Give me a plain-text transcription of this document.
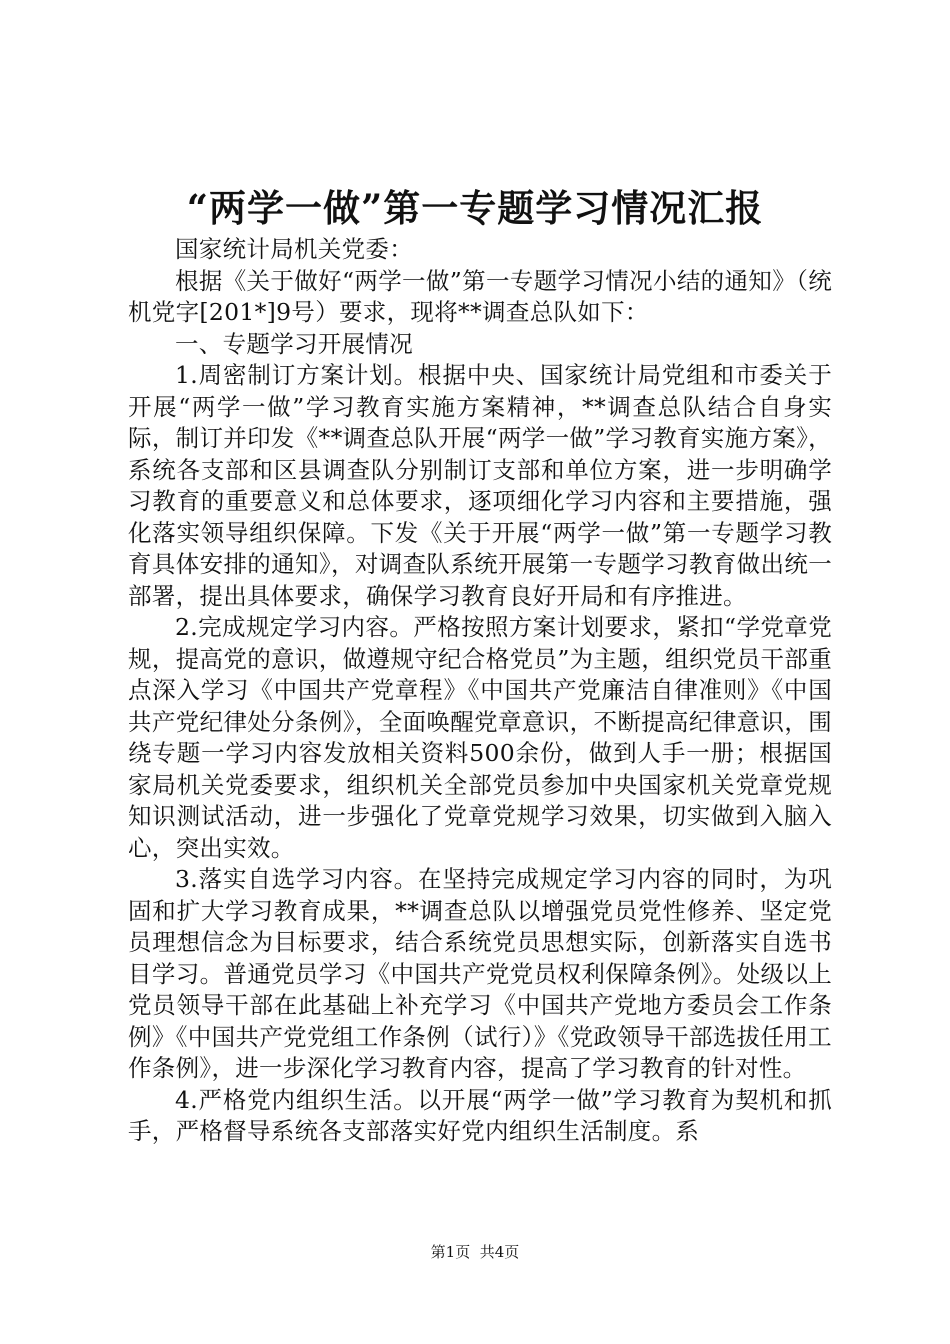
“两学一做”第一专题学习情况汇报

国家统计局机关党委：

根据《关于做好“两学一做”第一专题学习情况小结的通知》（统机党字[201*]9号）要求，现将**调查总队如下：

一、专题学习开展情况

1.周密制订方案计划。根据中央、国家统计局党组和市委关于开展“两学一做”学习教育实施方案精神，**调查总队结合自身实际，制订并印发《**调查总队开展“两学一做”学习教育实施方案》，系统各支部和区县调查队分别制订支部和单位方案，进一步明确学习教育的重要意义和总体要求，逐项细化学习内容和主要措施，强化落实领导组织保障。下发《关于开展“两学一做”第一专题学习教育具体安排的通知》，对调查队系统开展第一专题学习教育做出统一部署，提出具体要求，确保学习教育良好开局和有序推进。

2.完成规定学习内容。严格按照方案计划要求，紧扣“学党章党规，提高党的意识，做遵规守纪合格党员”为主题，组织党员干部重点深入学习《中国共产党章程》《中国共产党廉洁自律准则》《中国共产党纪律处分条例》，全面唤醒党章意识，不断提高纪律意识，围绕专题一学习内容发放相关资料500余份，做到人手一册；根据国家局机关党委要求，组织机关全部党员参加中央国家机关党章党规知识测试活动，进一步强化了党章党规学习效果，切实做到入脑入心，突出实效。

3.落实自选学习内容。在坚持完成规定学习内容的同时，为巩固和扩大学习教育成果，**调查总队以增强党员党性修养、坚定党员理想信念为目标要求，结合系统党员思想实际，创新落实自选书目学习。普通党员学习《中国共产党党员权利保障条例》。处级以上党员领导干部在此基础上补充学习《中国共产党地方委员会工作条例》《中国共产党党组工作条例（试行）》《党政领导干部选拔任用工作条例》，进一步深化学习教育内容，提高了学习教育的针对性。

4.严格党内组织生活。以开展“两学一做”学习教育为契机和抓手，严格督导系统各支部落实好党内组织生活制度。系

第1页 共4页
